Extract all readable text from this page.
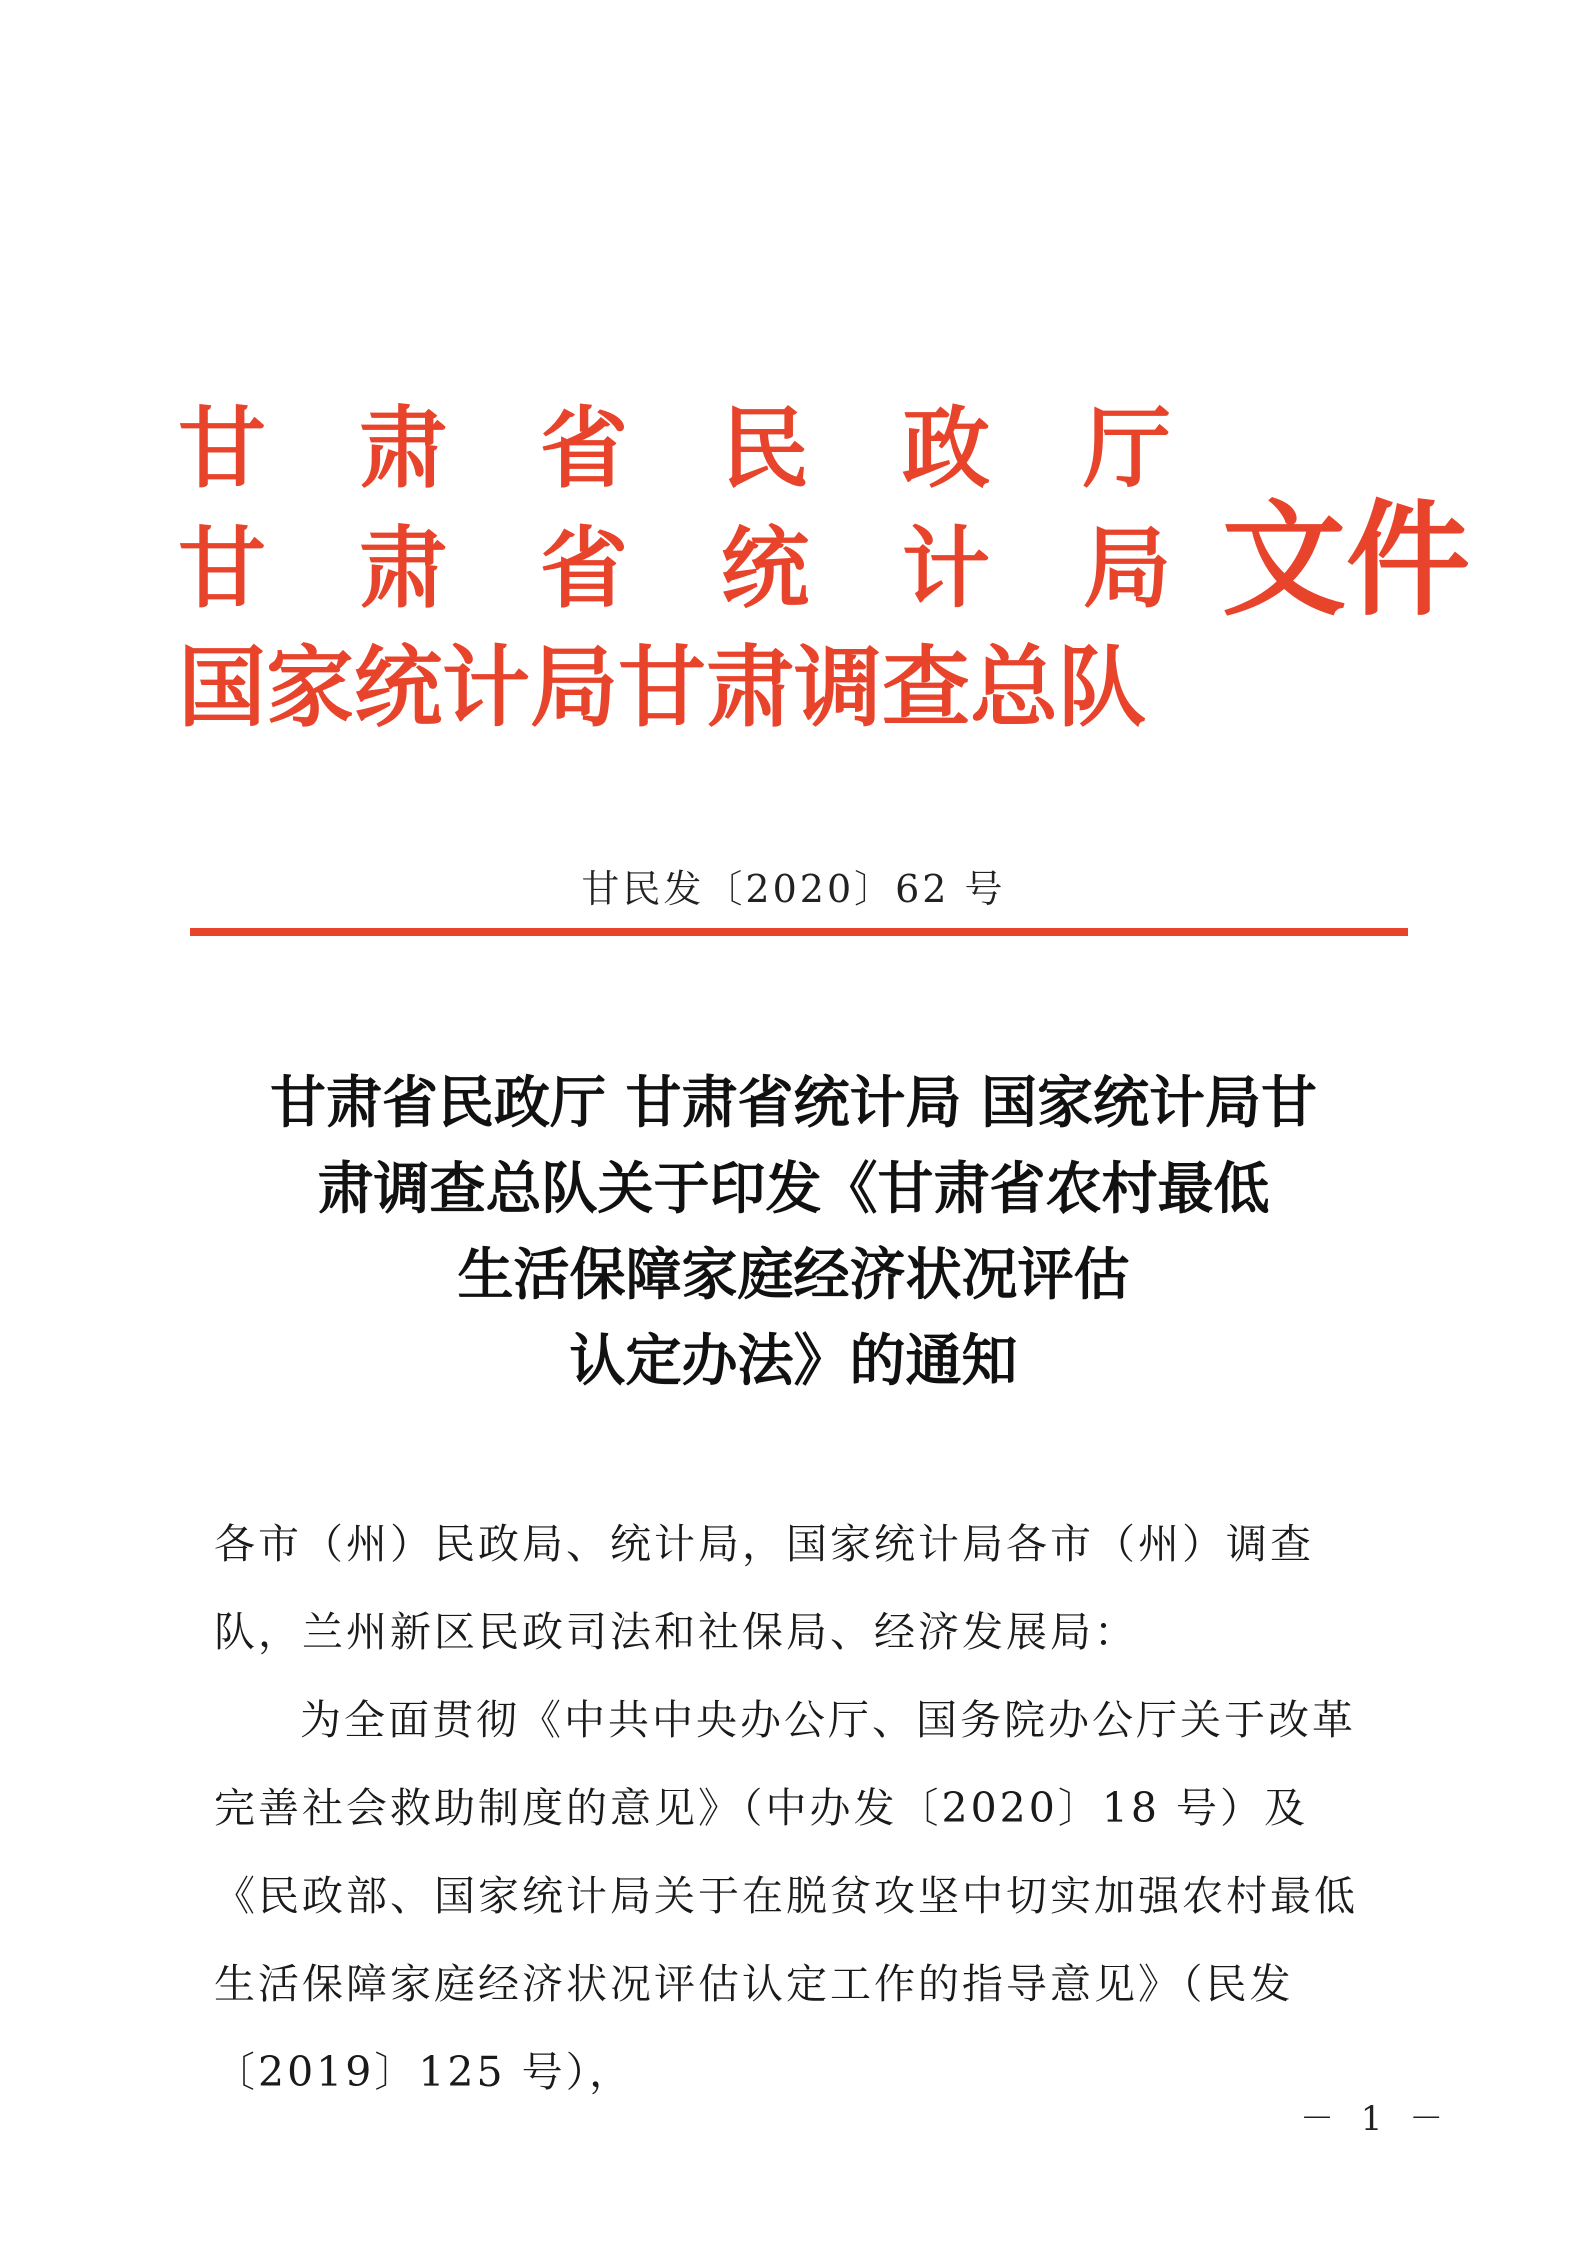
甘肃省民政厅
甘肃省统计局
国家统计局甘肃调查总队
文件
甘民发〔2020〕62 号
甘肃省民政厅 甘肃省统计局 国家统计局甘
肃调查总队关于印发《甘肃省农村最低
生活保障家庭经济状况评估
认定办法》的通知
各市（州）民政局、统计局，国家统计局各市（州）调查队，兰州新区民政司法和社保局、经济发展局：
为全面贯彻《中共中央办公厅、国务院办公厅关于改革完善社会救助制度的意见》（中办发〔2020〕18 号）及《民政部、国家统计局关于在脱贫攻坚中切实加强农村最低生活保障家庭经济状况评估认定工作的指导意见》（民发〔2019〕125 号），
－ 1 －
